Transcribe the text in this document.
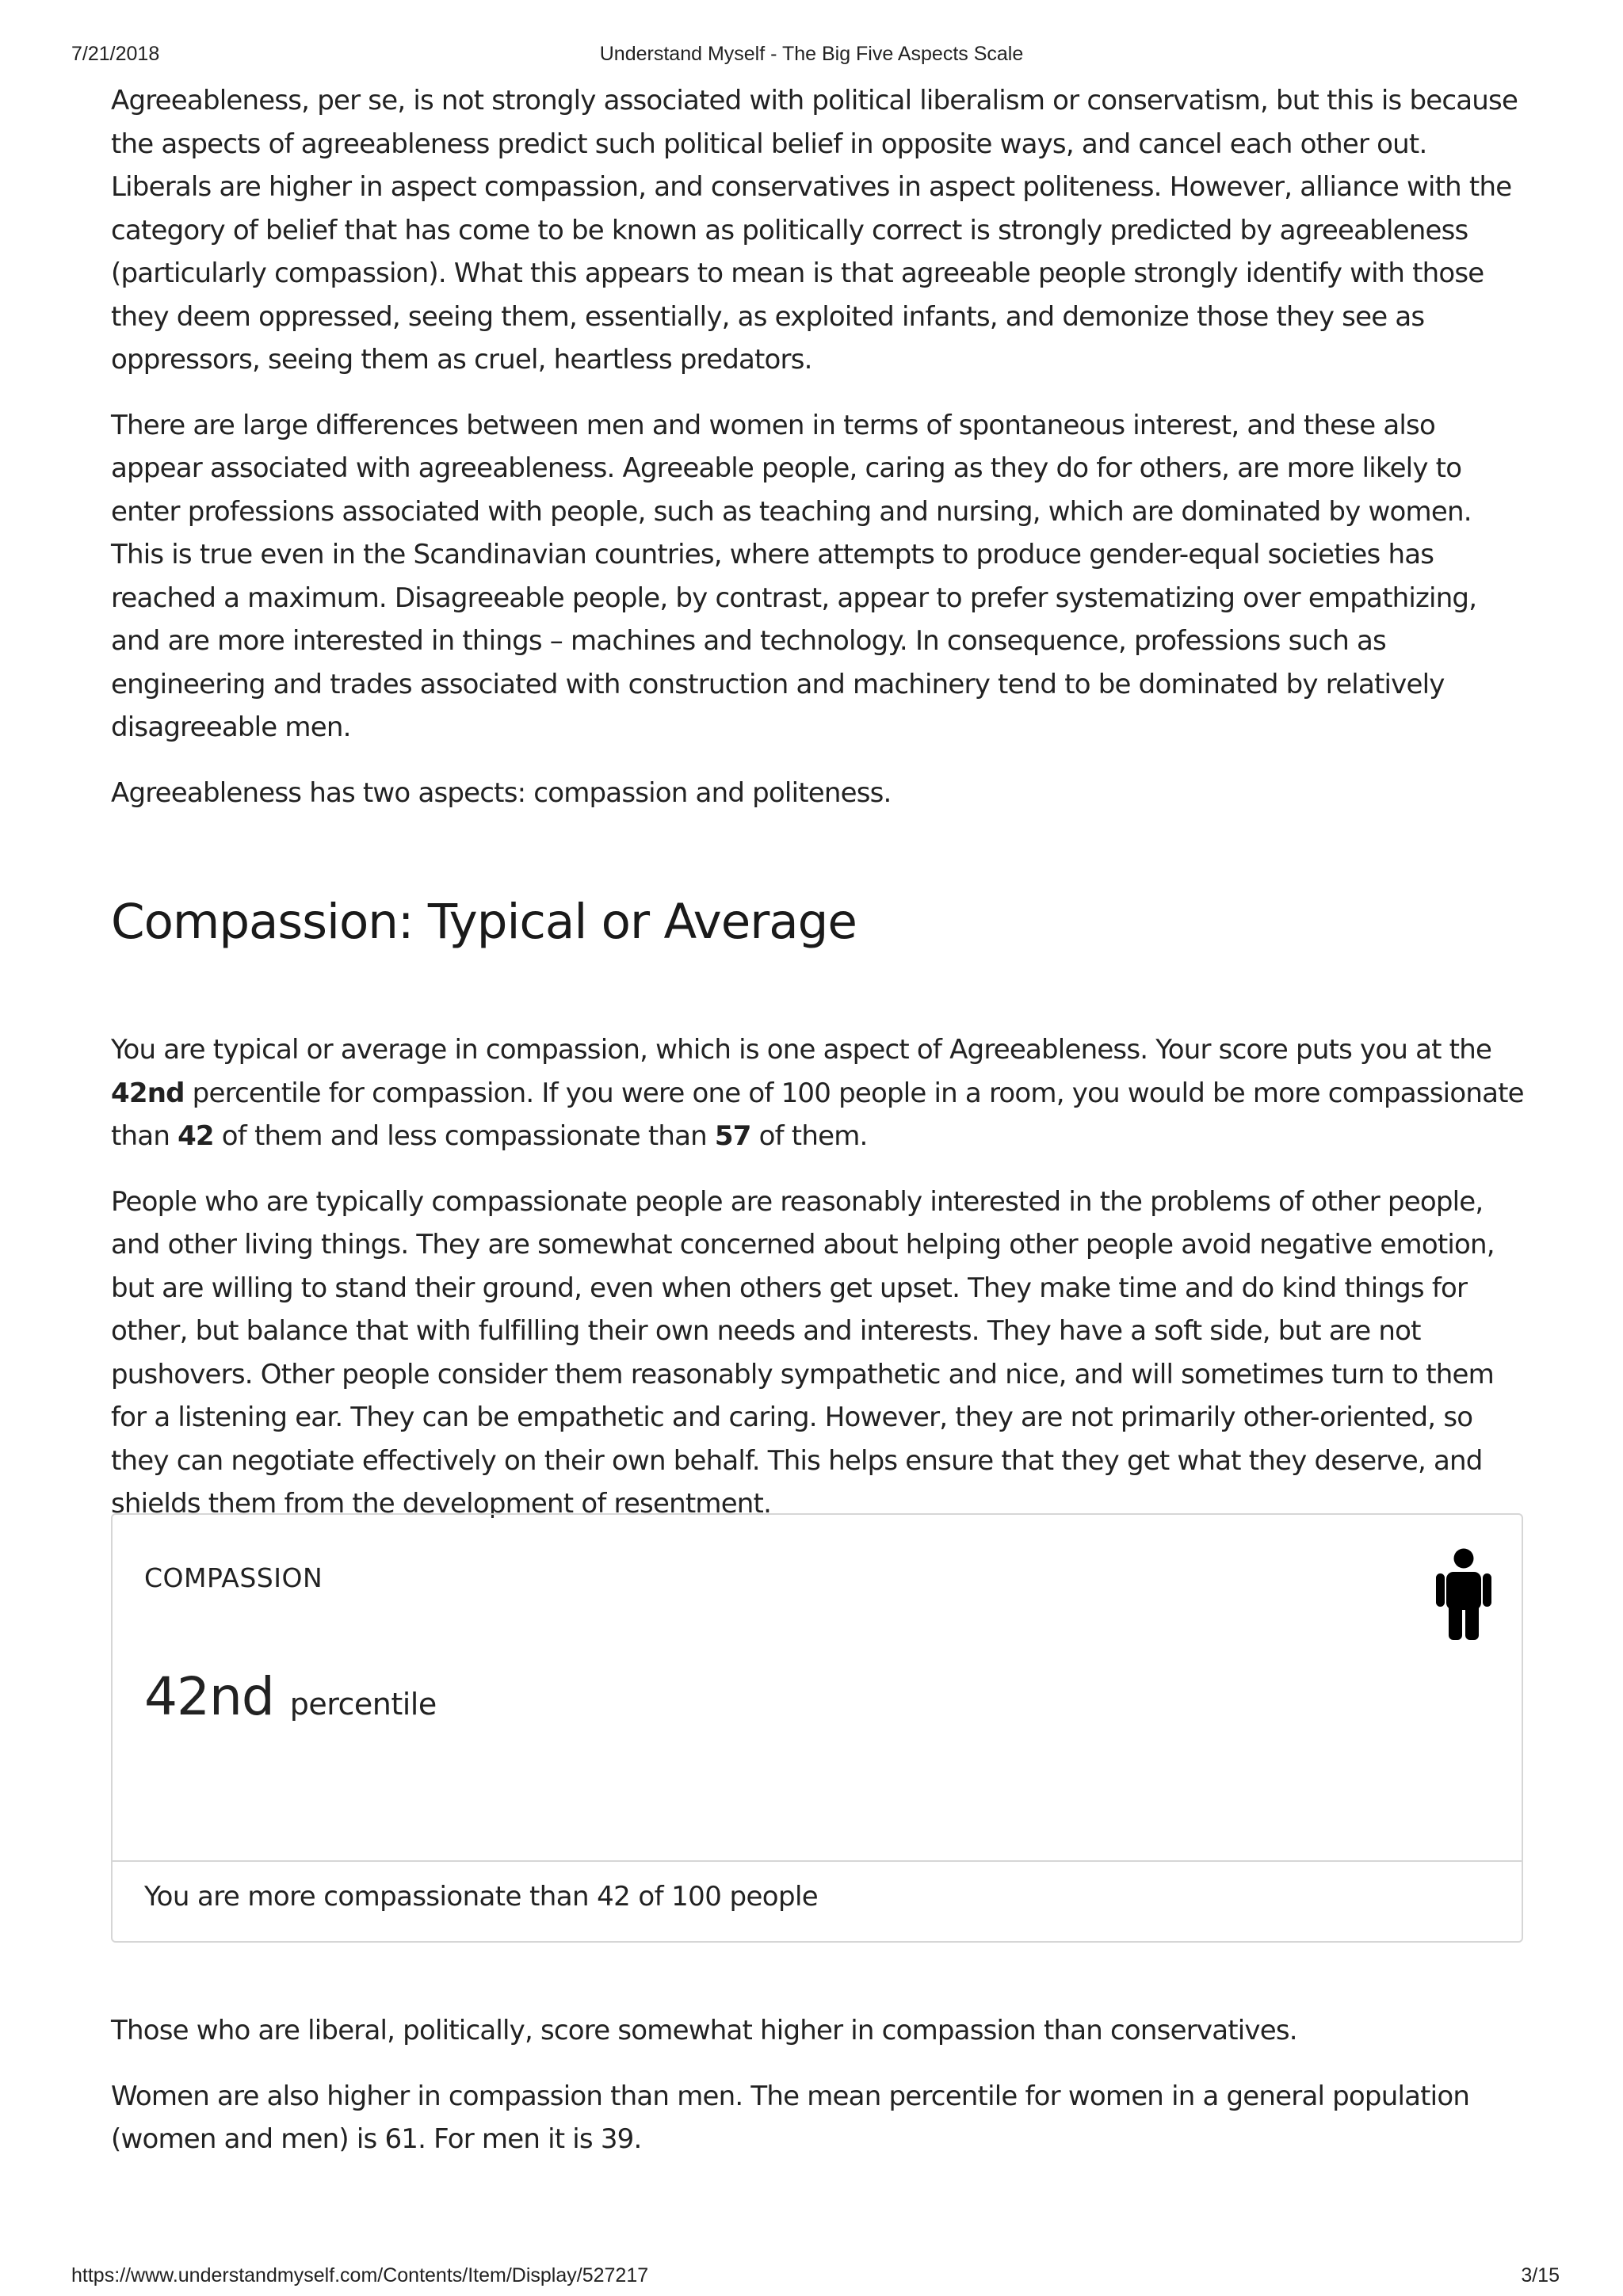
Understand Myself - The Big Five Aspects Scale
7/21/2018

Agreeableness, per se, is not strongly associated with political liberalism or conservatism, but this is because the aspects of agreeableness predict such political belief in opposite ways, and cancel each other out. Liberals are higher in aspect compassion, and conservatives in aspect politeness. However, alliance with the category of belief that has come to be known as politically correct is strongly predicted by agreeableness (particularly compassion). What this appears to mean is that agreeable people strongly identify with those they deem oppressed, seeing them, essentially, as exploited infants, and demonize those they see as oppressors, seeing them as cruel, heartless predators.

There are large differences between men and women in terms of spontaneous interest, and these also appear associated with agreeableness. Agreeable people, caring as they do for others, are more likely to enter professions associated with people, such as teaching and nursing, which are dominated by women. This is true even in the Scandinavian countries, where attempts to produce gender-equal societies has reached a maximum. Disagreeable people, by contrast, appear to prefer systematizing over empathizing, and are more interested in things – machines and technology. In consequence, professions such as engineering and trades associated with construction and machinery tend to be dominated by relatively disagreeable men.

Agreeableness has two aspects: compassion and politeness.

Compassion: Typical or Average

You are typical or average in compassion, which is one aspect of Agreeableness. Your score puts you at the 42nd percentile for compassion. If you were one of 100 people in a room, you would be more compassionate than 42 of them and less compassionate than 57 of them.

People who are typically compassionate people are reasonably interested in the problems of other people, and other living things. They are somewhat concerned about helping other people avoid negative emotion, but are willing to stand their ground, even when others get upset. They make time and do kind things for other, but balance that with fulfilling their own needs and interests. They have a soft side, but are not pushovers. Other people consider them reasonably sympathetic and nice, and will sometimes turn to them for a listening ear. They can be empathetic and caring. However, they are not primarily other-oriented, so they can negotiate effectively on their own behalf. This helps ensure that they get what they deserve, and shields them from the development of resentment.

COMPASSION
42nd percentile
You are more compassionate than 42 of 100 people

Those who are liberal, politically, score somewhat higher in compassion than conservatives.

Women are also higher in compassion than men. The mean percentile for women in a general population (women and men) is 61. For men it is 39.

https://www.understandmyself.com/Contents/Item/Display/527217	3/15
